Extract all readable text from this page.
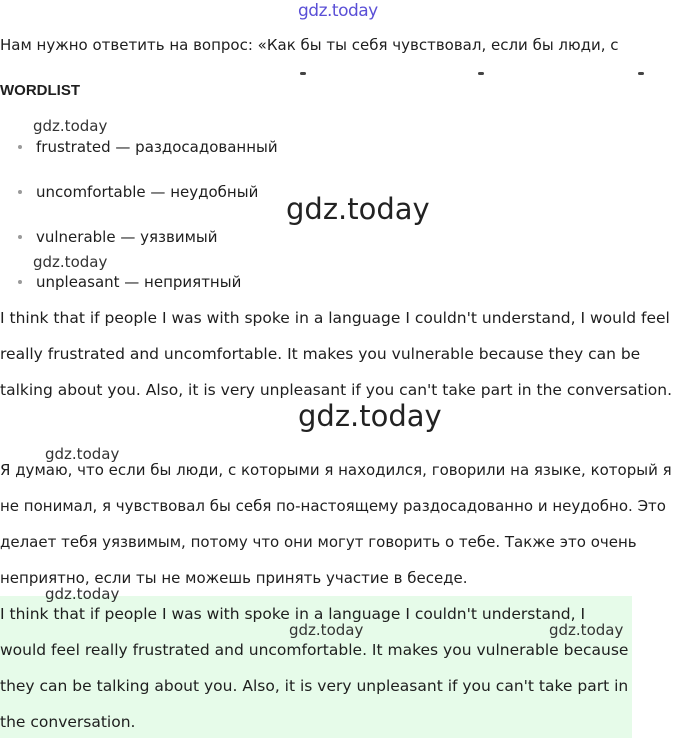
gdz.today
Нам нужно ответить на вопрос: «Как бы ты себя чувствовал, если бы люди, с
WORDLIST
frustrated — раздосадованный
uncomfortable — неудобный
vulnerable — уязвимый
unpleasant — неприятный

I think that if people I was with spoke in a language I couldn't understand, I would feel really frustrated and uncomfortable. It makes you vulnerable because they can be talking about you. Also, it is very unpleasant if you can't take part in the conversation.

Я думаю, что если бы люди, с которыми я находился, говорили на языке, который я не понимал, я чувствовал бы себя по-настоящему раздосадованно и неудобно. Это делает тебя уязвимым, потому что они могут говорить о тебе. Также это очень неприятно, если ты не можешь принять участие в беседе.

I think that if people I was with spoke in a language I couldn't understand, I would feel really frustrated and uncomfortable. It makes you vulnerable because they can be talking about you. Also, it is very unpleasant if you can't take part in the conversation.

gdz.today
gdz.today
gdz.today
gdz.today
gdz.today
gdz.today
gdz.today	gdz.today
